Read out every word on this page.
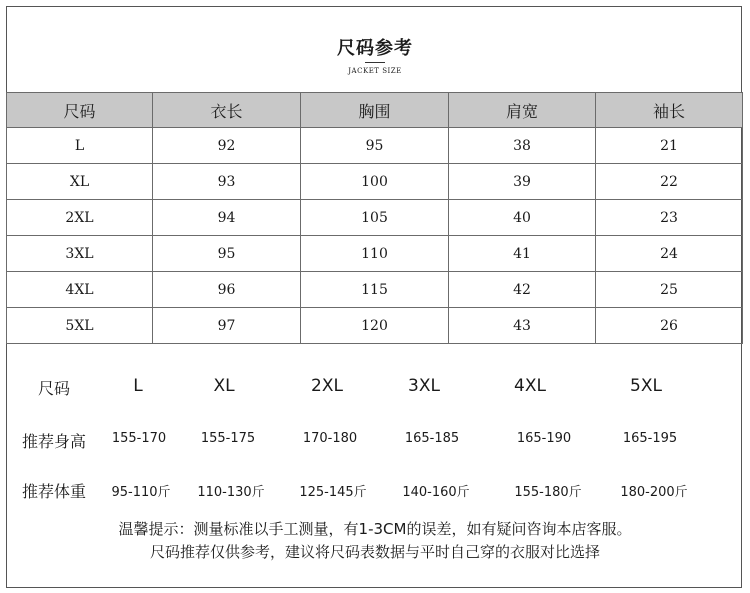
尺码参考
JACKET SIZE
尺码	衣长	胸围	肩宽	袖长
L	92	95	38	21
XL	93	100	39	22
2XL	94	105	40	23
3XL	95	110	41	24
4XL	96	115	42	25
5XL	97	120	43	26
尺码	L	XL	2XL	3XL	4XL	5XL
推荐身高 155-170	155-175	170-180	165-185	165-190	165-195
推荐体重 95-110斤 110-130斤	125-145斤	140-160斤	155-180斤	180-200斤
温馨提示：测量标准以手工测量，有1-3CM的误差，如有疑问咨询本店客服。
尺码推荐仅供参考，建议将尺码表数据与平时自己穿的衣服对比选择
